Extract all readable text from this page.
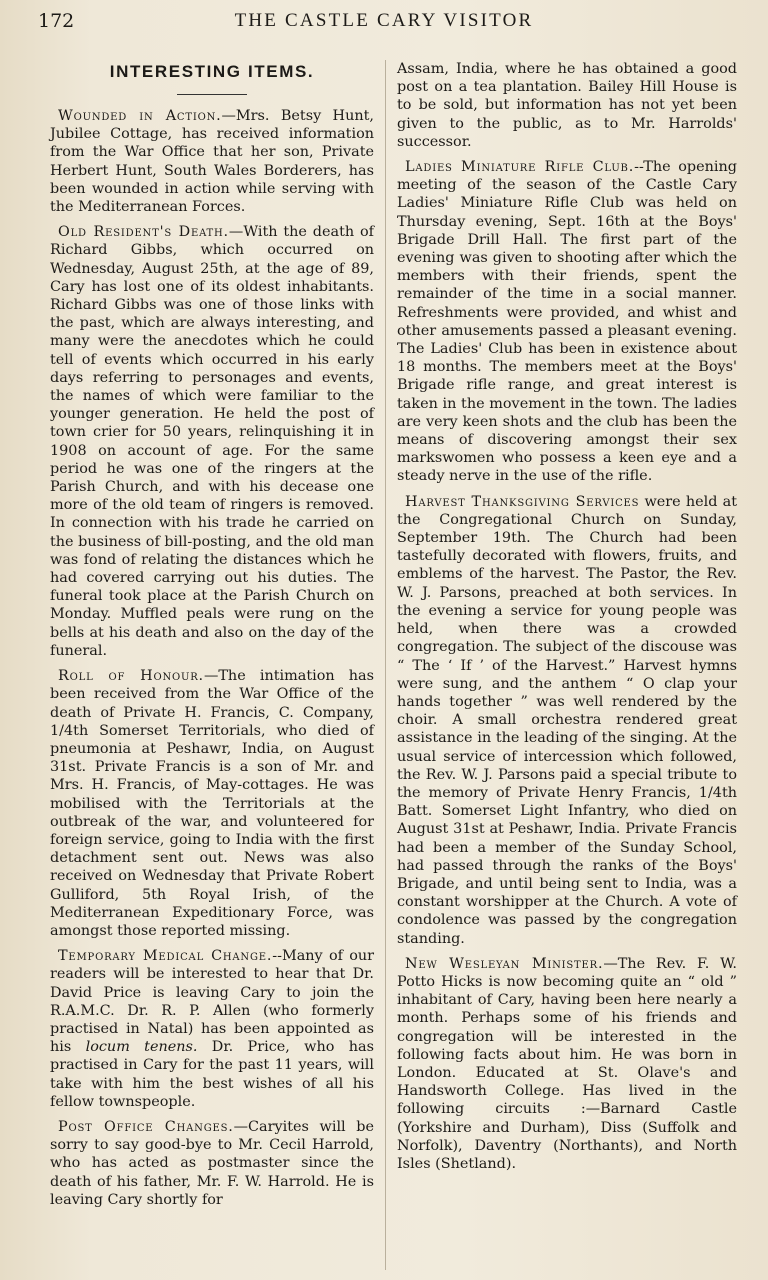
172	THE CASTLE CARY VISITOR
INTERESTING ITEMS.

Wounded in Action.—Mrs. Betsy Hunt, Jubilee Cottage, has received information from the War Office that her son, Private Herbert Hunt, South Wales Borderers, has been wounded in action while serving with the Mediterranean Forces.

Old Resident's Death.—With the death of Richard Gibbs, which occurred on Wednesday, August 25th, at the age of 89, Cary has lost one of its oldest inhabitants. Richard Gibbs was one of those links with the past, which are always interesting, and many were the anecdotes which he could tell of events which occurred in his early days referring to personages and events, the names of which were familiar to the younger generation. He held the post of town crier for 50 years, relinquishing it in 1908 on account of age. For the same period he was one of the ringers at the Parish Church, and with his decease one more of the old team of ringers is removed. In connection with his trade he carried on the business of bill-posting, and the old man was fond of relating the distances which he had covered carrying out his duties. The funeral took place at the Parish Church on Monday. Muffled peals were rung on the bells at his death and also on the day of the funeral.

Roll of Honour.—The intimation has been received from the War Office of the death of Private H. Francis, C. Company, 1/4th Somerset Territorials, who died of pneumonia at Peshawr, India, on August 31st. Private Francis is a son of Mr. and Mrs. H. Francis, of May-cottages. He was mobilised with the Territorials at the outbreak of the war, and volunteered for foreign service, going to India with the first detachment sent out. News was also received on Wednesday that Private Robert Gulliford, 5th Royal Irish, of the Mediterranean Expeditionary Force, was amongst those reported missing.

Temporary Medical Change.--Many of our readers will be interested to hear that Dr. David Price is leaving Cary to join the R.A.M.C. Dr. R. P. Allen (who formerly practised in Natal) has been appointed as his locum tenens. Dr. Price, who has practised in Cary for the past 11 years, will take with him the best wishes of all his fellow townspeople.

Post Office Changes.—Caryites will be sorry to say good-bye to Mr. Cecil Harrold, who has acted as postmaster since the death of his father, Mr. F. W. Harrold. He is leaving Cary shortly for

Assam, India, where he has obtained a good post on a tea plantation. Bailey Hill House is to be sold, but information has not yet been given to the public, as to Mr. Harrolds' successor.

Ladies Miniature Rifle Club.--The opening meeting of the season of the Castle Cary Ladies' Miniature Rifle Club was held on Thursday evening, Sept. 16th at the Boys' Brigade Drill Hall. The first part of the evening was given to shooting after which the members with their friends, spent the remainder of the time in a social manner. Refreshments were provided, and whist and other amusements passed a pleasant evening. The Ladies' Club has been in existence about 18 months. The members meet at the Boys' Brigade rifle range, and great interest is taken in the movement in the town. The ladies are very keen shots and the club has been the means of discovering amongst their sex markswomen who possess a keen eye and a steady nerve in the use of the rifle.

Harvest Thanksgiving Services were held at the Congregational Church on Sunday, September 19th. The Church had been tastefully decorated with flowers, fruits, and emblems of the harvest. The Pastor, the Rev. W. J. Parsons, preached at both services. In the evening a service for young people was held, when there was a crowded congregation. The subject of the discouse was “ The ‘ If ’ of the Harvest.” Harvest hymns were sung, and the anthem “ O clap your hands together ” was well rendered by the choir. A small orchestra rendered great assistance in the leading of the singing. At the usual service of intercession which followed, the Rev. W. J. Parsons paid a special tribute to the memory of Private Henry Francis, 1/4th Batt. Somerset Light Infantry, who died on August 31st at Peshawr, India. Private Francis had been a member of the Sunday School, had passed through the ranks of the Boys' Brigade, and until being sent to India, was a constant worshipper at the Church. A vote of condolence was passed by the congregation standing.

New Wesleyan Minister.—The Rev. F. W. Potto Hicks is now becoming quite an “ old ” inhabitant of Cary, having been here nearly a month. Perhaps some of his friends and congregation will be interested in the following facts about him. He was born in London. Educated at St. Olave's and Handsworth College. Has lived in the following circuits :—Barnard Castle (Yorkshire and Durham), Diss (Suffolk and Norfolk), Daventry (Northants), and North Isles (Shetland).
